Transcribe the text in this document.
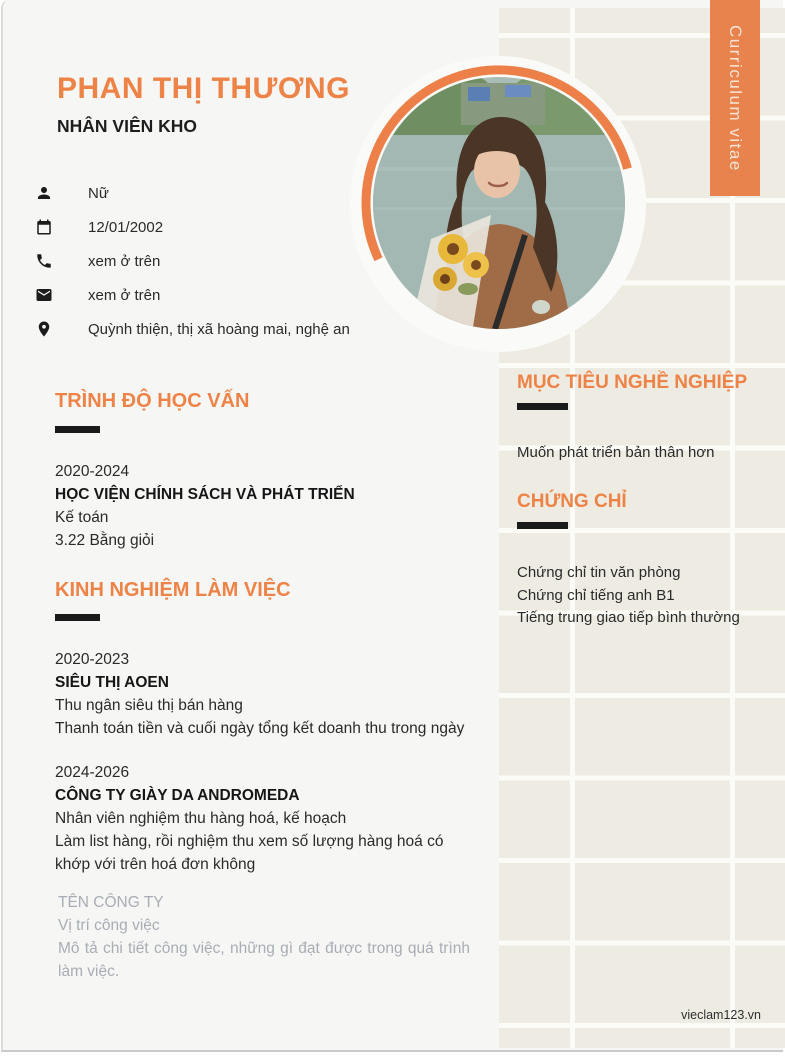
Curriculum vitae
PHAN THỊ THƯƠNG
NHÂN VIÊN KHO
Nữ
12/01/2002
xem ở trên
xem ở trên
Quỳnh thiện, thị xã hoàng mai, nghệ an
TRÌNH ĐỘ HỌC VẤN
2020-2024
HỌC VIỆN CHÍNH SÁCH VÀ PHÁT TRIỂN
Kế toán
3.22 Bằng giỏi
KINH NGHIỆM LÀM VIỆC
2020-2023
SIÊU THỊ AOEN
Thu ngân siêu thị bán hàng
Thanh toán tiền và cuối ngày tổng kết doanh thu trong ngày
2024-2026
CÔNG TY GIÀY DA ANDROMEDA
Nhân viên nghiệm thu hàng hoá, kế hoạch
Làm list hàng, rồi nghiệm thu xem số lượng hàng hoá có khớp với trên hoá đơn không
TÊN CÔNG TY
Vị trí công việc
Mô tả chi tiết công việc, những gì đạt được trong quá trình làm việc.
MỤC TIÊU NGHỀ NGHIỆP
Muốn phát triển bản thân hơn
CHỨNG CHỈ
Chứng chỉ tin văn phòng
Chứng chỉ tiếng anh B1
Tiếng trung giao tiếp bình thường
vieclam123.vn
